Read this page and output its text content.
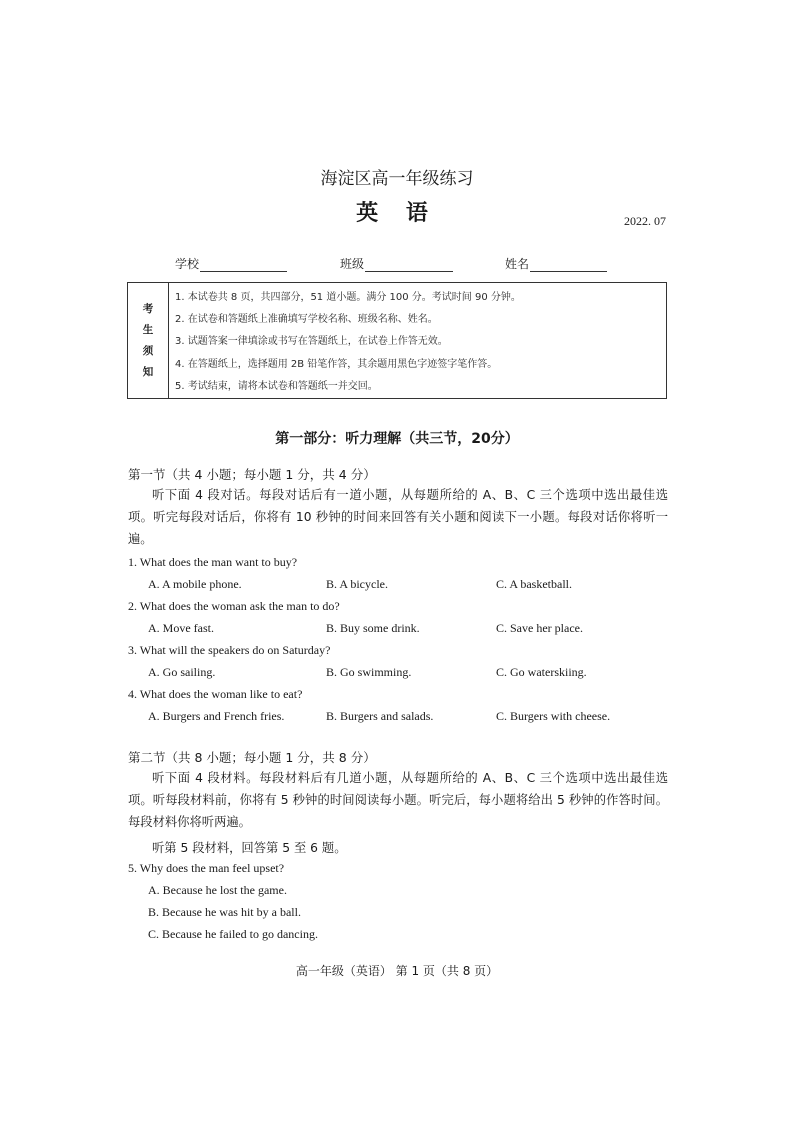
海淀区高一年级练习
英 语	2022. 07
学校	班级	姓名
考
生
须
知

1. 本试卷共 8 页，共四部分，51 道小题。满分 100 分。考试时间 90 分钟。
2. 在试卷和答题纸上准确填写学校名称、班级名称、姓名。
3. 试题答案一律填涂或书写在答题纸上，在试卷上作答无效。
4. 在答题纸上，选择题用 2B 铅笔作答，其余题用黑色字迹签字笔作答。
5. 考试结束，请将本试卷和答题纸一并交回。
第一部分：听力理解（共三节，20分）
第一节（共 4 小题；每小题 1 分，共 4 分）
听下面 4 段对话。每段对话后有一道小题，从每题所给的 A、B、C 三个选项中选出最佳选项。听完每段对话后，你将有 10 秒钟的时间来回答有关小题和阅读下一小题。每段对话你将听一遍。
1. What does the man want to buy?
A. A mobile phone.	B. A bicycle.	C. A basketball.
2. What does the woman ask the man to do?
A. Move fast.	B. Buy some drink.	C. Save her place.
3. What will the speakers do on Saturday?
A. Go sailing.	B. Go swimming.	C. Go waterskiing.
4. What does the woman like to eat?
A. Burgers and French fries.	B. Burgers and salads.	C. Burgers with cheese.
第二节（共 8 小题；每小题 1 分，共 8 分）
听下面 4 段材料。每段材料后有几道小题，从每题所给的 A、B、C 三个选项中选出最佳选项。听每段材料前，你将有 5 秒钟的时间阅读每小题。听完后，每小题将给出 5 秒钟的作答时间。每段材料你将听两遍。
听第 5 段材料，回答第 5 至 6 题。
5. Why does the man feel upset?
A. Because he lost the game.
B. Because he was hit by a ball.
C. Because he failed to go dancing.
高一年级（英语） 第 1 页（共 8 页）
